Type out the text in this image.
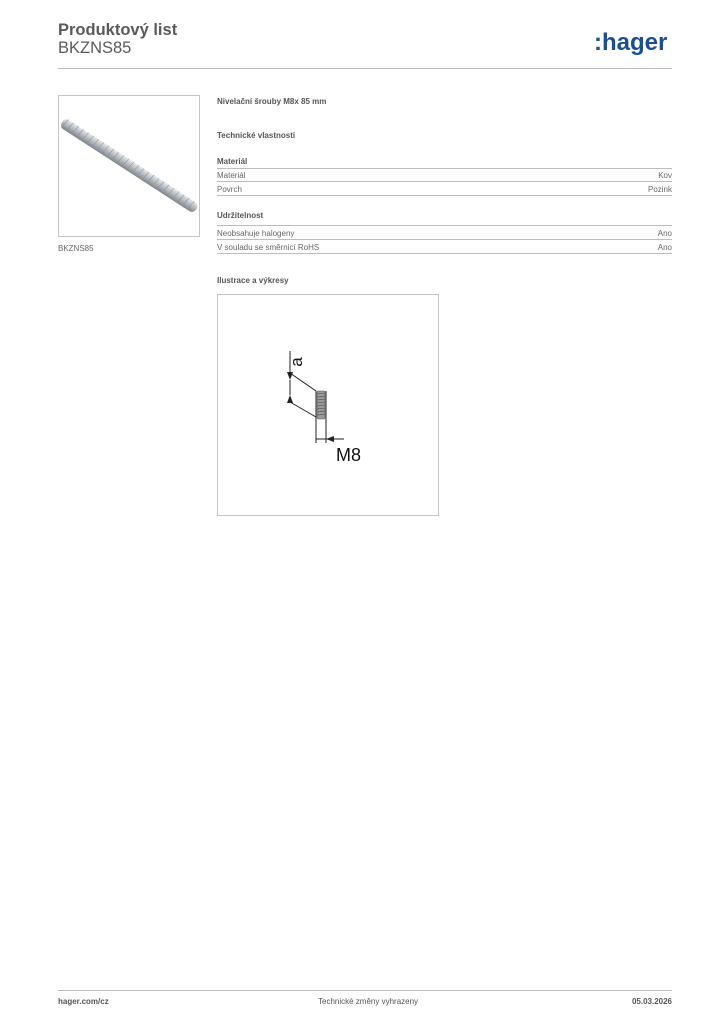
Produktový list
BKZNS85	:hager
BKZNS85
Nivelační šrouby M8x 85 mm
Technické vlastnosti
Materiál
Materiál	Kov
Povrch	Pozink
Udržitelnost
Neobsahuje halogeny	Ano
V souladu se směrnicí RoHS	Ano
Ilustrace a výkresy
a
M8
hager.com/cz	Technické změny vyhrazeny	05.03.2026
